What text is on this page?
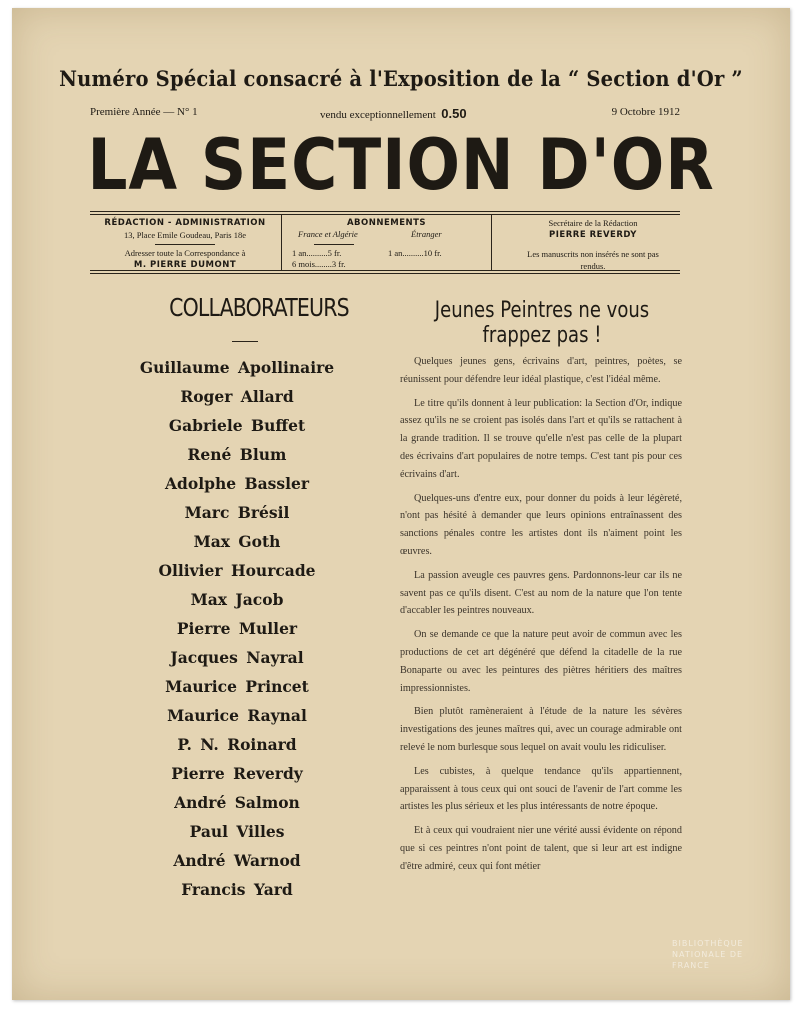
Numéro Spécial consacré à l'Exposition de la “ Section d'Or ”
Première Année — N° 1	vendu exceptionnellement 0.50	9 Octobre 1912
LA SECTION D'OR
RÉDACTION - ADMINISTRATION
13, Place Emile Goudeau, Paris 18e
Adresser toute la Correspondance à
M. PIERRE DUMONT
ABONNEMENTS
France et Algérie	Étranger
1 an..........5 fr.	1 an..........10 fr.
6 mois........3 fr.
Secrétaire de la Rédaction
PIERRE REVERDY
Les manuscrits non insérés ne sont pas rendus.
COLLABORATEURS
Guillaume Apollinaire
Roger Allard
Gabriele Buffet
René Blum
Adolphe Bassler
Marc Brésil
Max Goth
Ollivier Hourcade
Max Jacob
Pierre Muller
Jacques Nayral
Maurice Princet
Maurice Raynal
P. N. Roinard
Pierre Reverdy
André Salmon
Paul Villes
André Warnod
Francis Yard
Jeunes Peintres ne vous frappez pas !

Quelques jeunes gens, écrivains d'art, peintres, poètes, se réunissent pour défendre leur idéal plastique, c'est l'idéal même.

Le titre qu'ils donnent à leur publication: la Section d'Or, indique assez qu'ils ne se croient pas isolés dans l'art et qu'ils se rattachent à la grande tradition. Il se trouve qu'elle n'est pas celle de la plupart des écrivains d'art populaires de notre temps. C'est tant pis pour ces écrivains d'art.

Quelques-uns d'entre eux, pour donner du poids à leur légèreté, n'ont pas hésité à demander que leurs opinions entraînassent des sanctions pénales contre les artistes dont ils n'aiment point les œuvres.

La passion aveugle ces pauvres gens. Pardonnons-leur car ils ne savent pas ce qu'ils disent. C'est au nom de la nature que l'on tente d'accabler les peintres nouveaux.

On se demande ce que la nature peut avoir de commun avec les productions de cet art dégénéré que défend la citadelle de la rue Bonaparte ou avec les peintures des piètres héritiers des maîtres impressionnistes.

Bien plutôt ramèneraient à l'étude de la nature les sévères investigations des jeunes maîtres qui, avec un courage admirable ont relevé le nom burlesque sous lequel on avait voulu les ridiculiser.

Les cubistes, à quelque tendance qu'ils appartiennent, apparaissent à tous ceux qui ont souci de l'avenir de l'art comme les artistes les plus sérieux et les plus intéressants de notre époque.

Et à ceux qui voudraient nier une vérité aussi évidente on répond que si ces peintres n'ont point de talent, que si leur art est indigne d'être admiré, ceux qui font métier

BIBLIOTHÈQUE NATIONALE DE FRANCE
